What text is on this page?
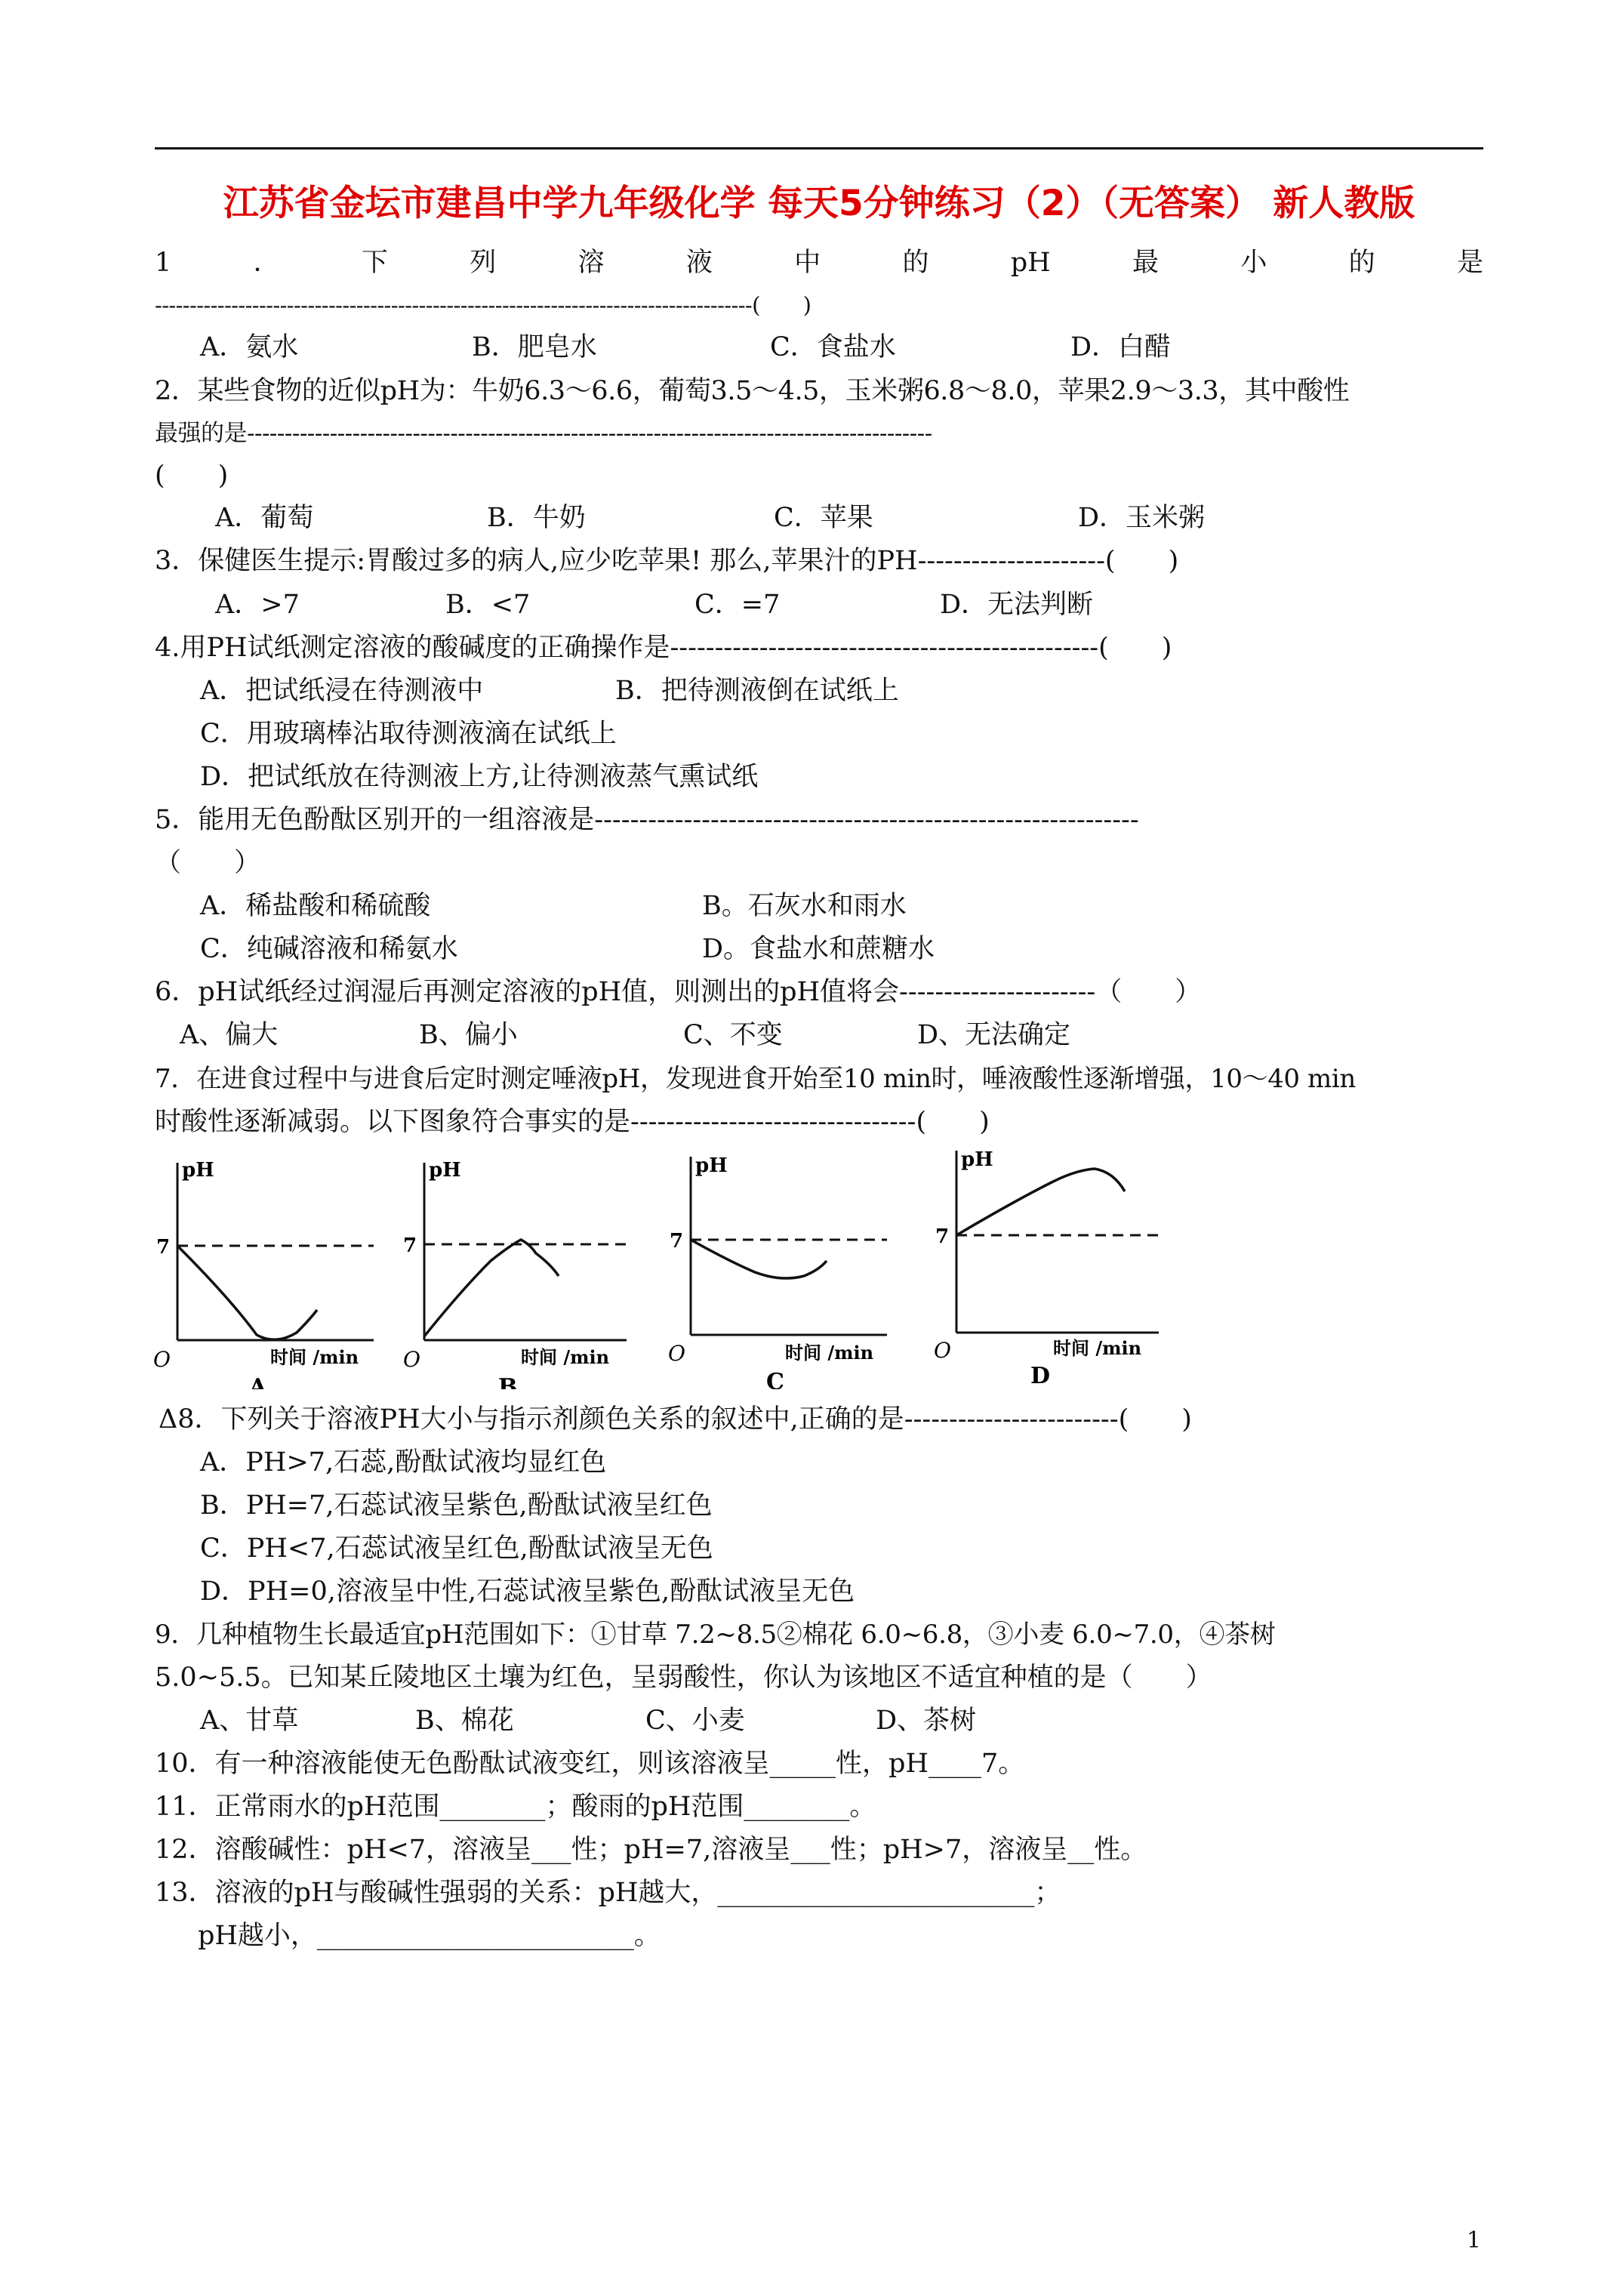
江苏省金坛市建昌中学九年级化学 每天5分钟练习（2）（无答案） 新人教版
1	．	下	列	溶	液	中	的	pH	最	小	的	是
--------------------------------------------------------------------------------------(　　)
A．氨水	B．肥皂水	C．食盐水	D．白醋
2．某些食物的近似pH为：牛奶6.3～6.6，葡萄3.5～4.5，玉米粥6.8～8.0，苹果2.9～3.3，其中酸性
最强的是-------------------------------------------------------------------------------------------
(　　)
A．葡萄	B．牛奶	C．苹果	D．玉米粥
3．保健医生提示:胃酸过多的病人,应少吃苹果! 那么,苹果汁的PH---------------------(　　)
A．>7	B．<7	C．=7	D．无法判断
4.用PH试纸测定溶液的酸碱度的正确操作是------------------------------------------------(　　)
A．把试纸浸在待测液中	B．把待测液倒在试纸上
C．用玻璃棒沾取待测液滴在试纸上
D．把试纸放在待测液上方,让待测液蒸气熏试纸
5．能用无色酚酞区别开的一组溶液是-------------------------------------------------------------
（　　）
A．稀盐酸和稀硫酸	B。石灰水和雨水
C．纯碱溶液和稀氨水	D。食盐水和蔗糖水
6．pH试纸经过润湿后再测定溶液的pH值，则测出的pH值将会----------------------（　　）
A、偏大	B、偏小	C、不变	D、无法确定
7．在进食过程中与进食后定时测定唾液pH，发现进食开始至10 min时，唾液酸性逐渐增强，10～40 min
时酸性逐渐减弱。以下图象符合事实的是--------------------------------(　　)
pH
7
O	时间 /min
A
pH
7
O	时间 /min
B
pH
7
O	时间 /min
C
pH
7
O	时间 /min
D
Δ8．下列关于溶液PH大小与指示剂颜色关系的叙述中,正确的是------------------------(　　)
A．PH>7,石蕊,酚酞试液均显红色
B．PH=7,石蕊试液呈紫色,酚酞试液呈红色
C．PH<7,石蕊试液呈红色,酚酞试液呈无色
D．PH=0,溶液呈中性,石蕊试液呈紫色,酚酞试液呈无色
9．几种植物生长最适宜pH范围如下：①甘草 7.2~8.5②棉花 6.0~6.8，③小麦 6.0~7.0，④茶树
5.0~5.5。已知某丘陵地区土壤为红色，呈弱酸性，你认为该地区不适宜种植的是（　　）
A、甘草	B、棉花	C、小麦	D、茶树
10．有一种溶液能使无色酚酞试液变红，则该溶液呈_____性，pH____7。
11．正常雨水的pH范围________；酸雨的pH范围________。
12．溶酸碱性：pH<7，溶液呈___性；pH=7,溶液呈___性；pH>7，溶液呈__性。
13．溶液的pH与酸碱性强弱的关系：pH越大，________________________；
pH越小，________________________。
1
